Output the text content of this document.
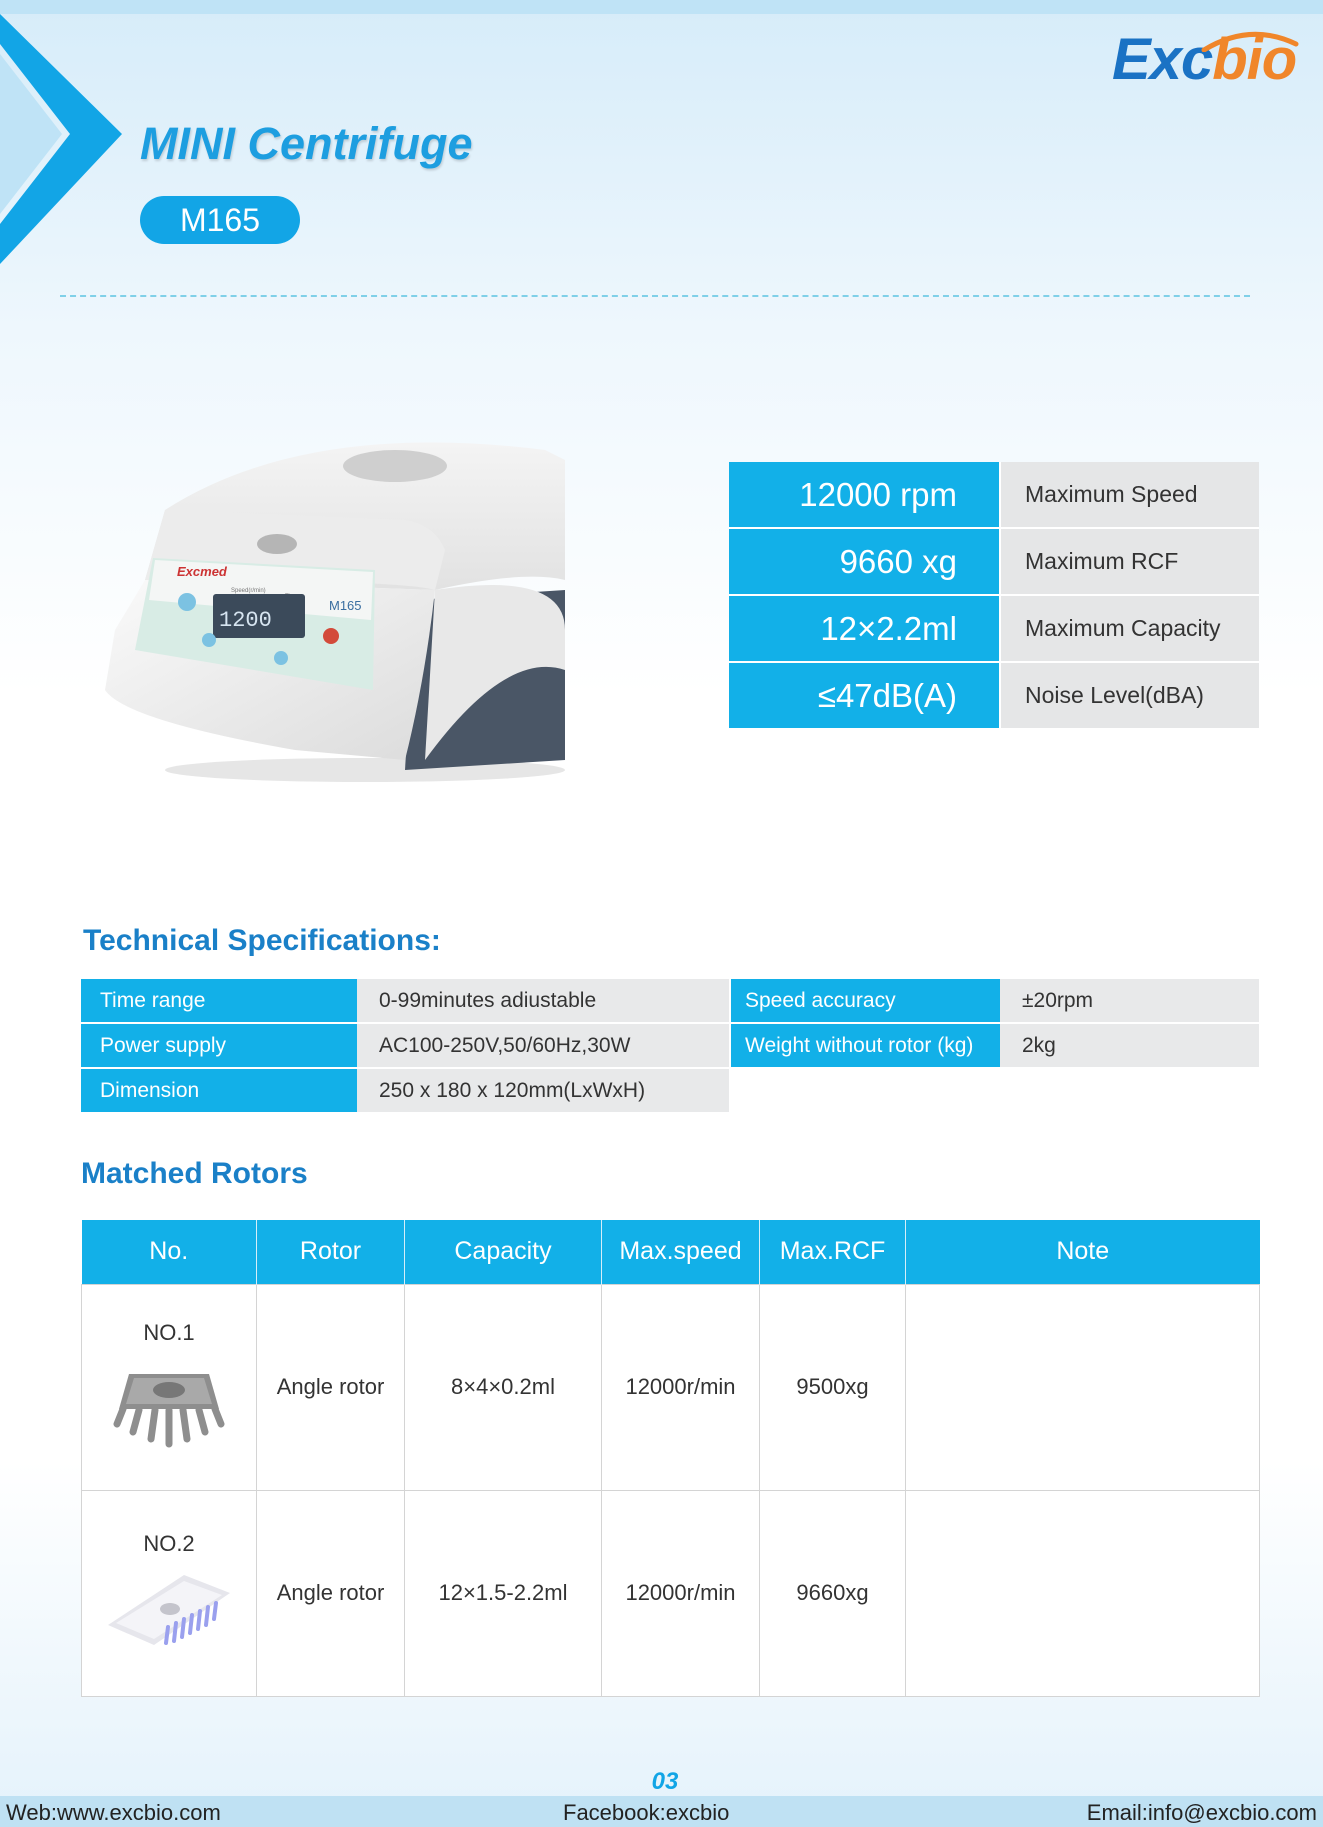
Excbio
MINI Centrifuge
M165
Excmed
Speed(r/min)
1200
M165
12000 rpm	Maximum Speed
9660 xg	Maximum RCF
12×2.2ml	Maximum Capacity
≤47dB(A)	Noise Level(dBA)
Technical Specifications:
Time range	0-99minutes adiustable	Speed accuracy	±20rpm
Power supply	AC100-250V,50/60Hz,30W	Weight without rotor (kg)	2kg
Dimension	250 x 180 x 120mm(LxWxH)		
Matched Rotors
No.	Rotor	Capacity	Max.speed	Max.RCF	Note

NO.1	Angle rotor	8×4×0.2ml	12000r/min	9500xg	

NO.2	Angle rotor	12×1.5-2.2ml	12000r/min	9660xg	
03
Web:www.excbio.com	Facebook:excbio	Email:info@excbio.com
